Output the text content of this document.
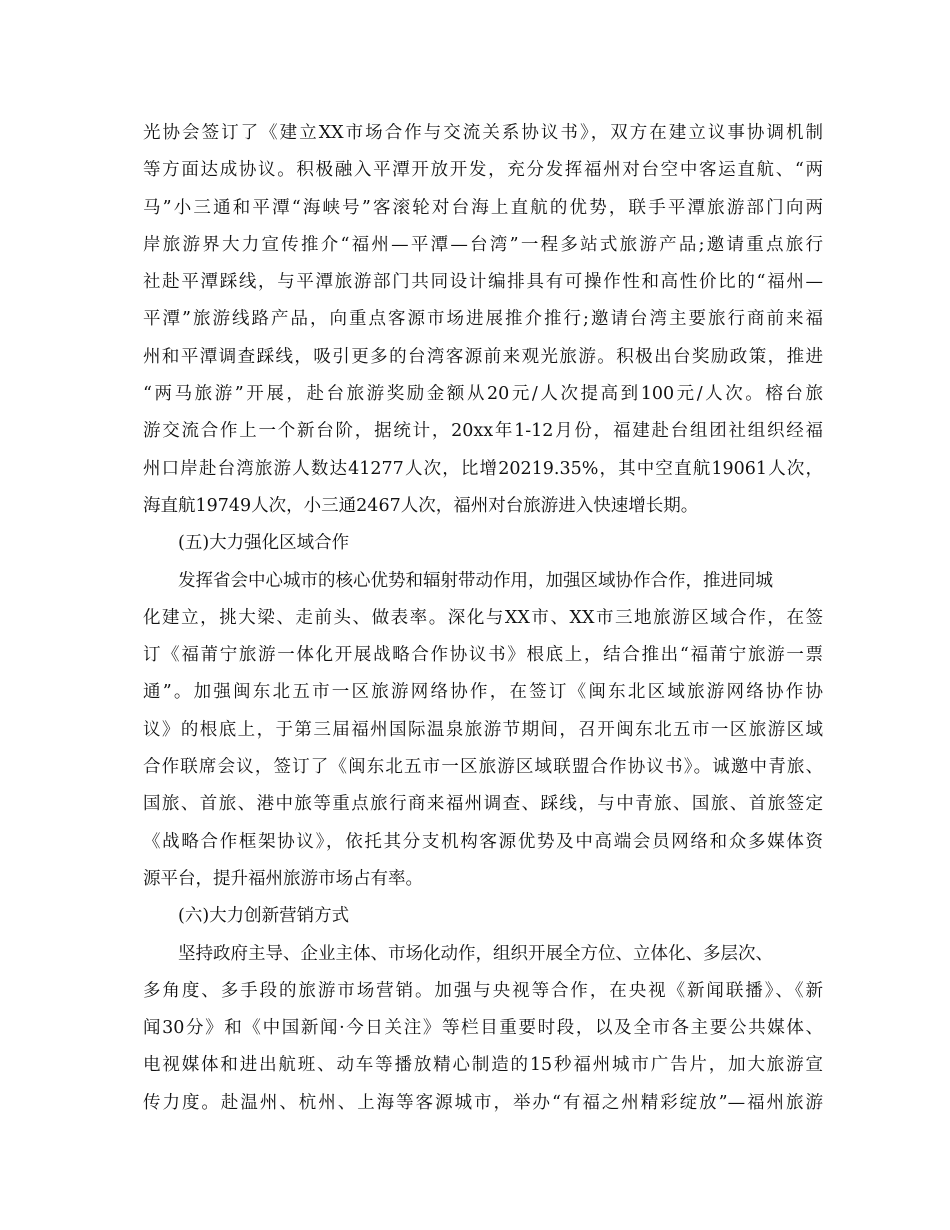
光协会签订了《建立XX市场合作与交流关系协议书》，双方在建立议事协调机制
等方面达成协议。积极融入平潭开放开发，充分发挥福州对台空中客运直航、“两
马”小三通和平潭“海峡号”客滚轮对台海上直航的优势，联手平潭旅游部门向两
岸旅游界大力宣传推介“福州—平潭—台湾”一程多站式旅游产品;邀请重点旅行
社赴平潭踩线，与平潭旅游部门共同设计编排具有可操作性和高性价比的“福州—
平潭”旅游线路产品，向重点客源市场进展推介推行;邀请台湾主要旅行商前来福
州和平潭调查踩线，吸引更多的台湾客源前来观光旅游。积极出台奖励政策，推进
“两马旅游”开展，赴台旅游奖励金额从20元/人次提高到100元/人次。榕台旅
游交流合作上一个新台阶，据统计，20xx年1-12月份，福建赴台组团社组织经福
州口岸赴台湾旅游人数达41277人次，比增20219.35%，其中空直航19061人次，
海直航19749人次，小三通2467人次，福州对台旅游进入快速增长期。
(五)大力强化区域合作
发挥省会中心城市的核心优势和辐射带动作用，加强区域协作合作，推进同城
化建立，挑大梁、走前头、做表率。深化与XX市、XX市三地旅游区域合作，在签
订《福莆宁旅游一体化开展战略合作协议书》根底上，结合推出“福莆宁旅游一票
通”。加强闽东北五市一区旅游网络协作，在签订《闽东北区域旅游网络协作协
议》的根底上，于第三届福州国际温泉旅游节期间，召开闽东北五市一区旅游区域
合作联席会议，签订了《闽东北五市一区旅游区域联盟合作协议书》。诚邀中青旅、
国旅、首旅、港中旅等重点旅行商来福州调查、踩线，与中青旅、国旅、首旅签定
《战略合作框架协议》，依托其分支机构客源优势及中高端会员网络和众多媒体资
源平台，提升福州旅游市场占有率。
(六)大力创新营销方式
坚持政府主导、企业主体、市场化动作，组织开展全方位、立体化、多层次、
多角度、多手段的旅游市场营销。加强与央视等合作，在央视《新闻联播》、《新
闻30分》和《中国新闻·今日关注》等栏目重要时段，以及全市各主要公共媒体、
电视媒体和进出航班、动车等播放精心制造的15秒福州城市广告片，加大旅游宣
传力度。赴温州、杭州、上海等客源城市，举办“有福之州精彩绽放”—福州旅游
